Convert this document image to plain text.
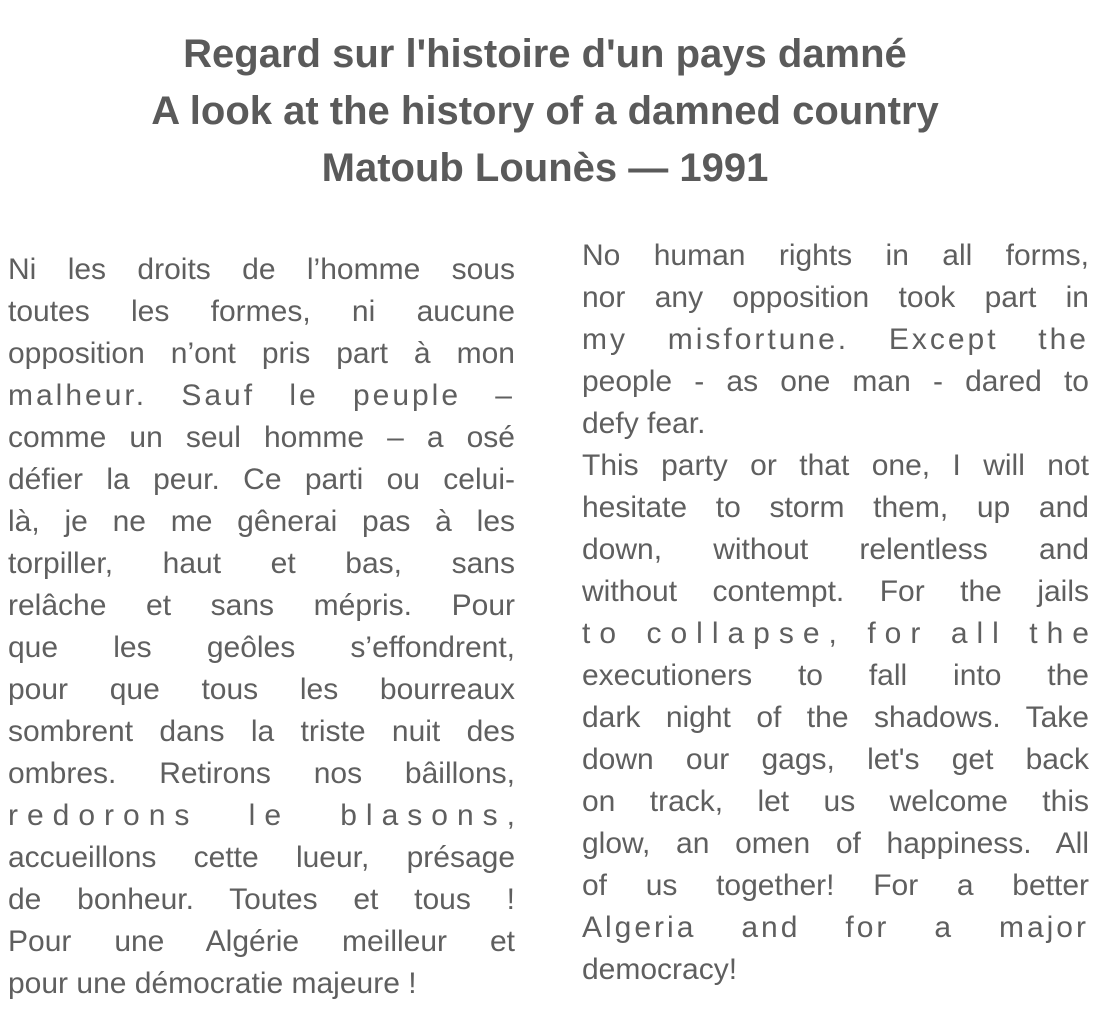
Regard sur l'histoire d'un pays damné
A look at the history of a damned country
Matoub Lounès — 1991
Ni les droits de l’homme sous
toutes les formes, ni aucune
opposition n’ont pris part à mon
malheur. Sauf le peuple –
comme un seul homme – a osé
défier la peur. Ce parti ou celui-
là, je ne me gênerai pas à les
torpiller, haut et bas, sans
relâche et sans mépris. Pour
que les geôles s’effondrent,
pour que tous les bourreaux
sombrent dans la triste nuit des
ombres. Retirons nos bâillons,
redorons le blasons,
accueillons cette lueur, présage
de bonheur. Toutes et tous !
Pour une Algérie meilleur et
pour une démocratie majeure !
No human rights in all forms,
nor any opposition took part in
my misfortune. Except the
people - as one man - dared to
defy fear.
This party or that one, I will not
hesitate to storm them, up and
down, without relentless and
without contempt. For the jails
to collapse, for all the
executioners to fall into the
dark night of the shadows. Take
down our gags, let's get back
on track, let us welcome this
glow, an omen of happiness. All
of us together! For a better
Algeria and for a major
democracy!
